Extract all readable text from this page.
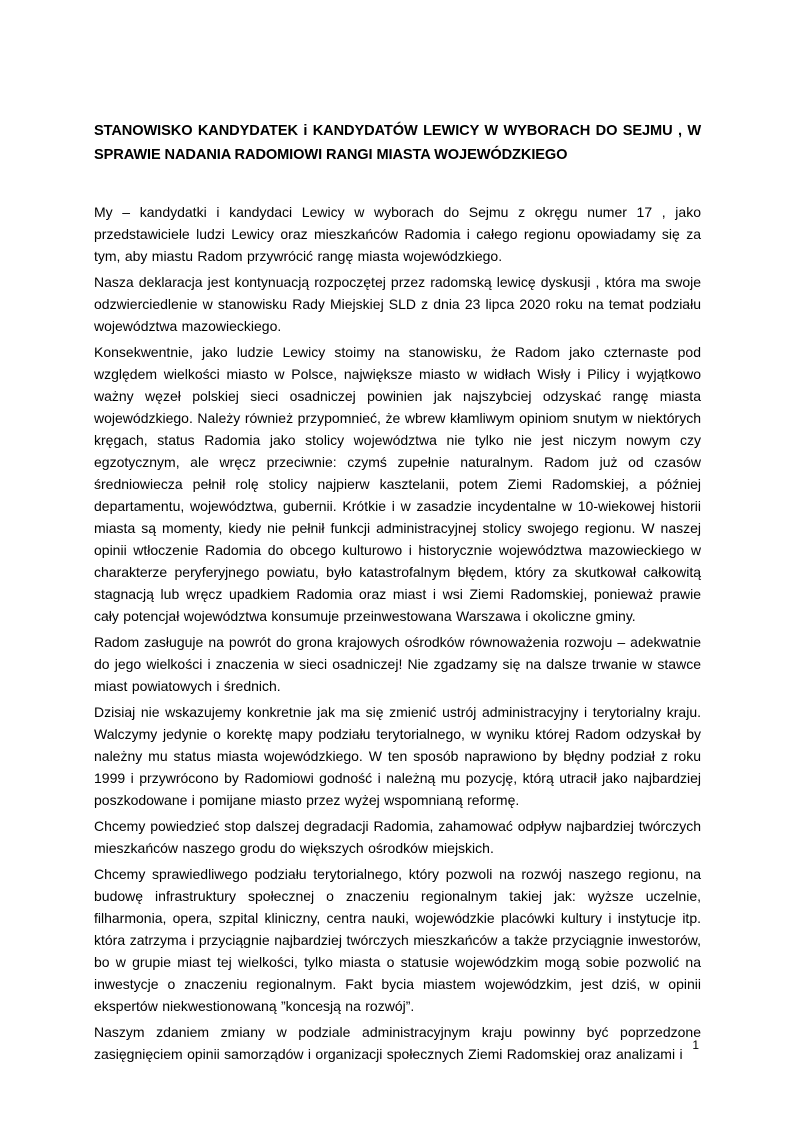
STANOWISKO KANDYDATEK i KANDYDATÓW LEWICY W WYBORACH DO SEJMU , W SPRAWIE NADANIA RADOMIOWI RANGI MIASTA WOJEWÓDZKIEGO

My – kandydatki i kandydaci Lewicy w wyborach do Sejmu z okręgu numer 17 , jako przedstawiciele ludzi Lewicy oraz mieszkańców Radomia i całego regionu opowiadamy się za tym, aby miastu Radom przywrócić rangę miasta wojewódzkiego.

Nasza deklaracja jest kontynuacją rozpoczętej przez radomską lewicę dyskusji , która ma swoje odzwierciedlenie w stanowisku Rady Miejskiej SLD z dnia 23 lipca 2020 roku na temat podziału województwa mazowieckiego.

Konsekwentnie, jako ludzie Lewicy stoimy na stanowisku, że Radom jako czternaste pod względem wielkości miasto w Polsce, największe miasto w widłach Wisły i Pilicy i wyjątkowo ważny węzeł polskiej sieci osadniczej powinien jak najszybciej odzyskać rangę miasta wojewódzkiego. Należy również przypomnieć, że wbrew kłamliwym opiniom snutym w niektórych kręgach, status Radomia jako stolicy województwa nie tylko nie jest niczym nowym czy egzotycznym, ale wręcz przeciwnie: czymś zupełnie naturalnym. Radom już od czasów średniowiecza pełnił rolę stolicy najpierw kasztelanii, potem Ziemi Radomskiej, a później departamentu, województwa, gubernii. Krótkie i w zasadzie incydentalne w 10-wiekowej historii miasta są momenty, kiedy nie pełnił funkcji administracyjnej stolicy swojego regionu. W naszej opinii wtłoczenie Radomia do obcego kulturowo i historycznie województwa mazowieckiego w charakterze peryferyjnego powiatu, było katastrofalnym błędem, który za skutkował całkowitą stagnacją lub wręcz upadkiem Radomia oraz miast i wsi Ziemi Radomskiej, ponieważ prawie cały potencjał województwa konsumuje przeinwestowana Warszawa i okoliczne gminy.

Radom zasługuje na powrót do grona krajowych ośrodków równoważenia rozwoju – adekwatnie do jego wielkości i znaczenia w sieci osadniczej! Nie zgadzamy się na dalsze trwanie w stawce miast powiatowych i średnich.

Dzisiaj nie wskazujemy konkretnie jak ma się zmienić ustrój administracyjny i terytorialny kraju. Walczymy jedynie o korektę mapy podziału terytorialnego, w wyniku której Radom odzyskał by należny mu status miasta wojewódzkiego. W ten sposób naprawiono by błędny podział z roku 1999 i przywrócono by Radomiowi godność i należną mu pozycję, którą utracił jako najbardziej poszkodowane i pomijane miasto przez wyżej wspomnianą reformę.

Chcemy powiedzieć stop dalszej degradacji Radomia, zahamować odpływ najbardziej twórczych mieszkańców naszego grodu do większych ośrodków miejskich.

Chcemy sprawiedliwego podziału terytorialnego, który pozwoli na rozwój naszego regionu, na budowę infrastruktury społecznej o znaczeniu regionalnym takiej jak: wyższe uczelnie, filharmonia, opera, szpital kliniczny, centra nauki, wojewódzkie placówki kultury i instytucje itp. która zatrzyma i przyciągnie najbardziej twórczych mieszkańców a także przyciągnie inwestorów, bo w grupie miast tej wielkości, tylko miasta o statusie wojewódzkim mogą sobie pozwolić na inwestycje o znaczeniu regionalnym. Fakt bycia miastem wojewódzkim, jest dziś, w opinii ekspertów niekwestionowaną ”koncesją na rozwój”.

Naszym zdaniem zmiany w podziale administracyjnym kraju powinny być poprzedzone zasięgnięciem opinii samorządów i organizacji społecznych Ziemi Radomskiej oraz analizami i

1
